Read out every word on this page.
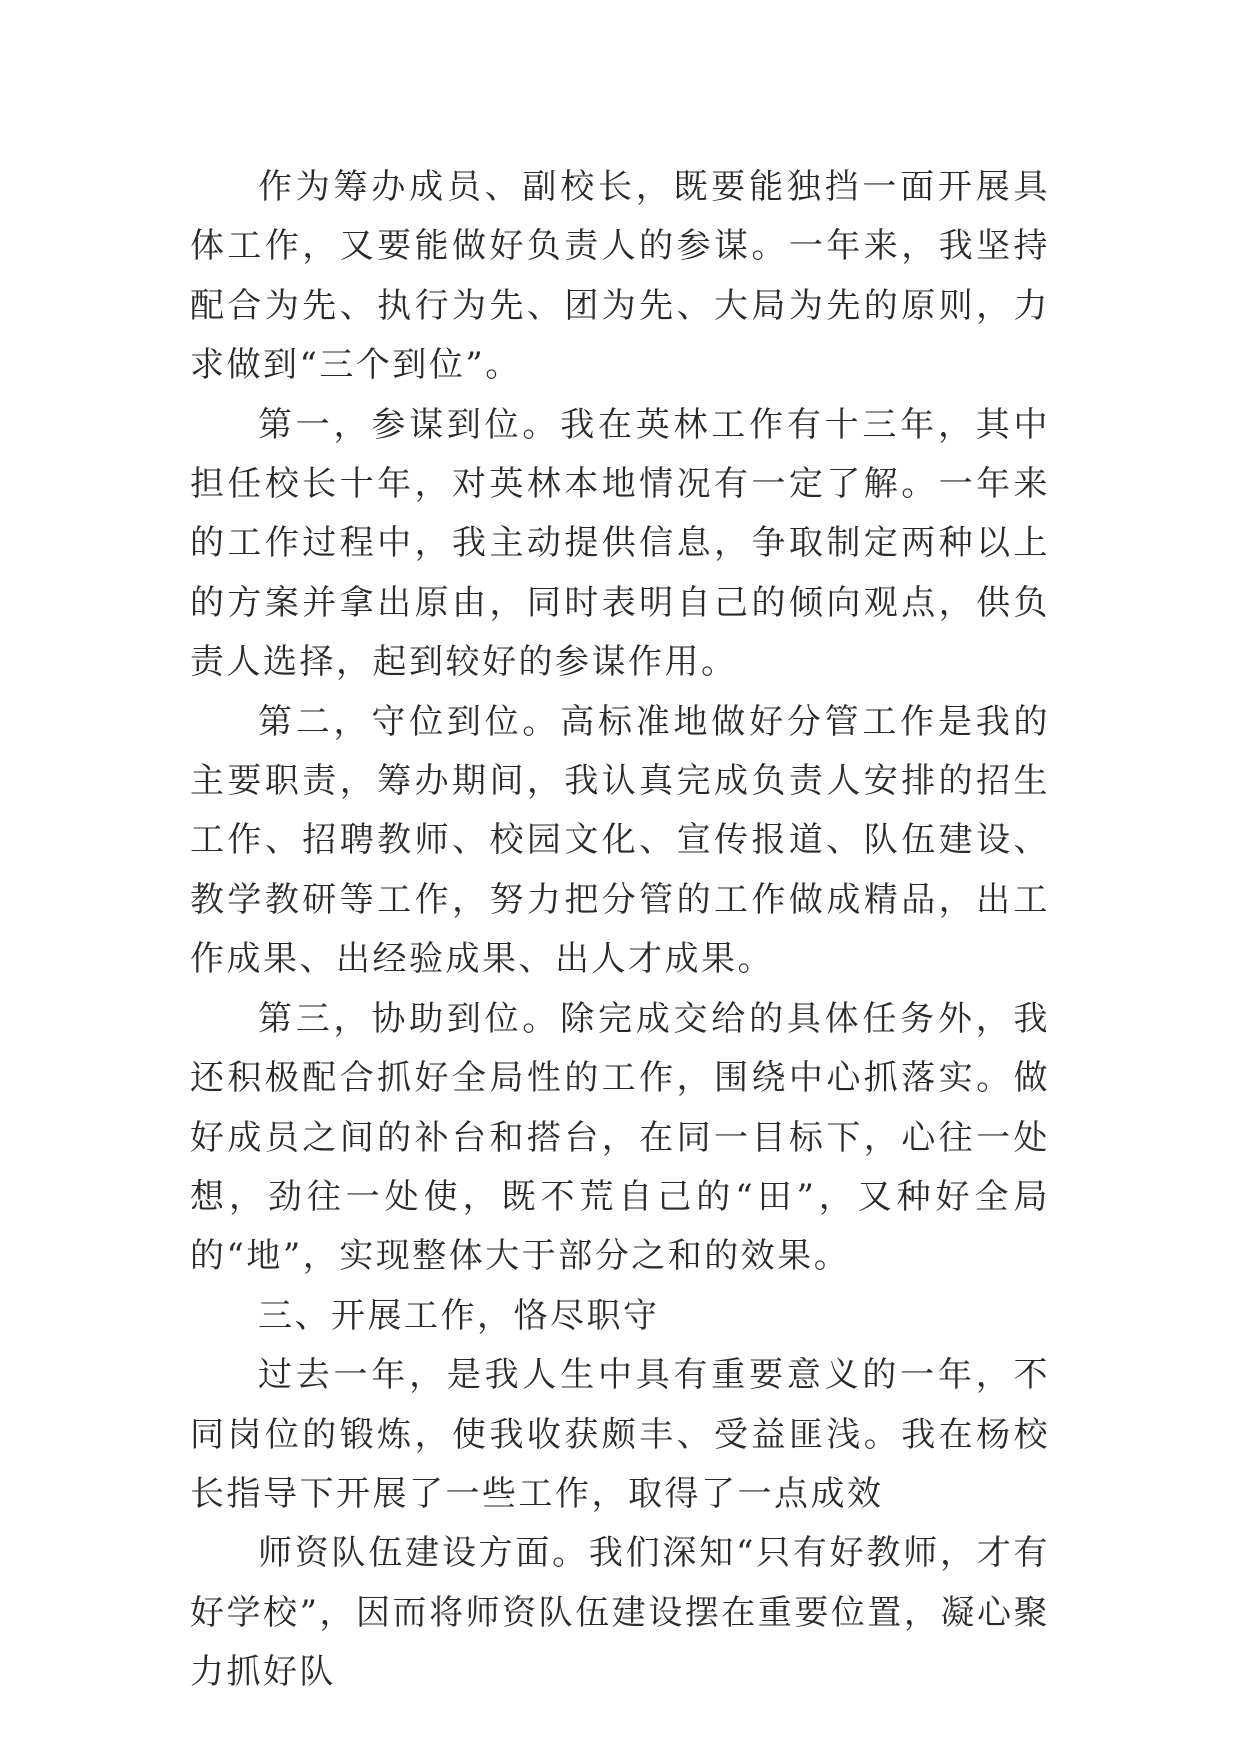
作为筹办成员、副校长，既要能独挡一面开展具体工作，又要能做好负责人的参谋。一年来，我坚持配合为先、执行为先、团为先、大局为先的原则，力求做到“三个到位”。

第一，参谋到位。我在英林工作有十三年，其中担任校长十年，对英林本地情况有一定了解。一年来的工作过程中，我主动提供信息，争取制定两种以上的方案并拿出原由，同时表明自己的倾向观点，供负责人选择，起到较好的参谋作用。

第二，守位到位。高标准地做好分管工作是我的主要职责，筹办期间，我认真完成负责人安排的招生工作、招聘教师、校园文化、宣传报道、队伍建设、教学教研等工作，努力把分管的工作做成精品，出工作成果、出经验成果、出人才成果。

第三，协助到位。除完成交给的具体任务外，我还积极配合抓好全局性的工作，围绕中心抓落实。做好成员之间的补台和搭台，在同一目标下，心往一处想，劲往一处使，既不荒自己的“田”，又种好全局的“地”，实现整体大于部分之和的效果。

三、开展工作，恪尽职守

过去一年，是我人生中具有重要意义的一年，不同岗位的锻炼，使我收获颇丰、受益匪浅。我在杨校长指导下开展了一些工作，取得了一点成效

师资队伍建设方面。我们深知“只有好教师，才有好学校”，因而将师资队伍建设摆在重要位置，凝心聚力抓好队
